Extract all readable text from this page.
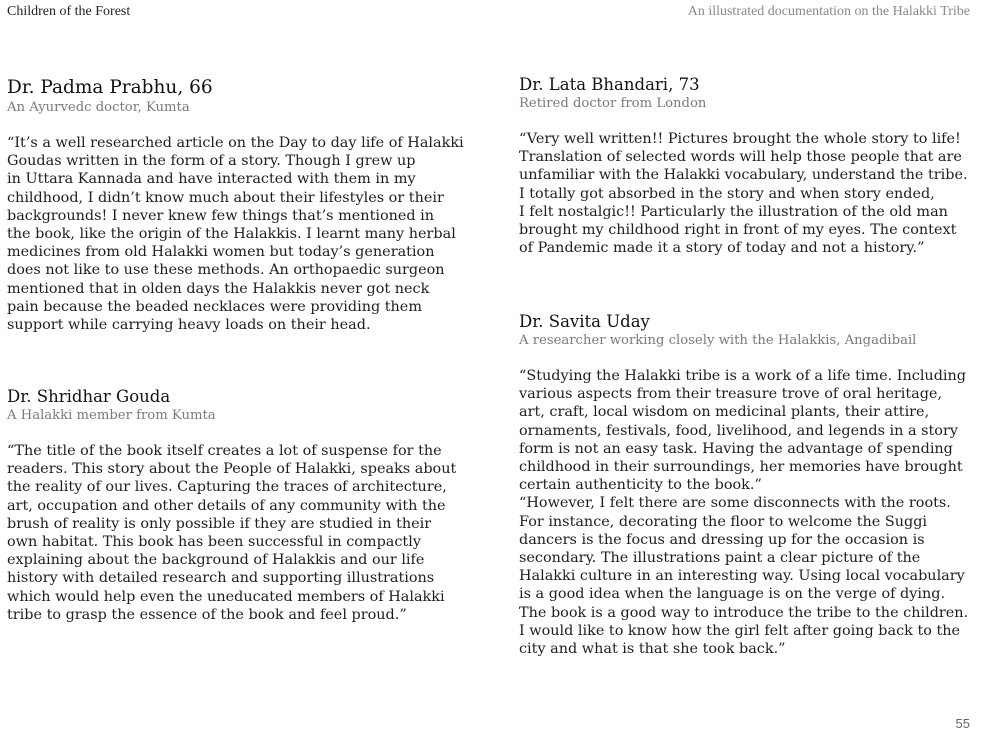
Children of the Forest	An illustrated documentation on the Halakki Tribe
Dr. Padma Prabhu, 66
An Ayurvedc doctor, Kumta
“It’s a well researched article on the Day to day life of Halakki
Goudas written in the form of a story. Though I grew up
in Uttara Kannada and have interacted with them in my
childhood, I didn’t know much about their lifestyles or their
backgrounds! I never knew few things that’s mentioned in
the book, like the origin of the Halakkis. I learnt many herbal
medicines from old Halakki women but today’s generation
does not like to use these methods. An orthopaedic surgeon
mentioned that in olden days the Halakkis never got neck
pain because the beaded necklaces were providing them
support while carrying heavy loads on their head.
Dr. Shridhar Gouda
A Halakki member from Kumta
“The title of the book itself creates a lot of suspense for the
readers. This story about the People of Halakki, speaks about
the reality of our lives. Capturing the traces of architecture,
art, occupation and other details of any community with the
brush of reality is only possible if they are studied in their
own habitat. This book has been successful in compactly
explaining about the background of Halakkis and our life
history with detailed research and supporting illustrations
which would help even the uneducated members of Halakki
tribe to grasp the essence of the book and feel proud.”
Dr. Lata Bhandari, 73
Retired doctor from London
“Very well written!! Pictures brought the whole story to life!
Translation of selected words will help those people that are
unfamiliar with the Halakki vocabulary, understand the tribe.
I totally got absorbed in the story and when story ended,
I felt nostalgic!! Particularly the illustration of the old man
brought my childhood right in front of my eyes. The context
of Pandemic made it a story of today and not a history.”
Dr. Savita Uday
A researcher working closely with the Halakkis, Angadibail
“Studying the Halakki tribe is a work of a life time. Including
various aspects from their treasure trove of oral heritage,
art, craft, local wisdom on medicinal plants, their attire,
ornaments, festivals, food, livelihood, and legends in a story
form is not an easy task. Having the advantage of spending
childhood in their surroundings, her memories have brought
certain authenticity to the book.”
“However, I felt there are some disconnects with the roots.
For instance, decorating the floor to welcome the Suggi
dancers is the focus and dressing up for the occasion is
secondary. The illustrations paint a clear picture of the
Halakki culture in an interesting way. Using local vocabulary
is a good idea when the language is on the verge of dying.
The book is a good way to introduce the tribe to the children.
I would like to know how the girl felt after going back to the
city and what is that she took back.”
55
